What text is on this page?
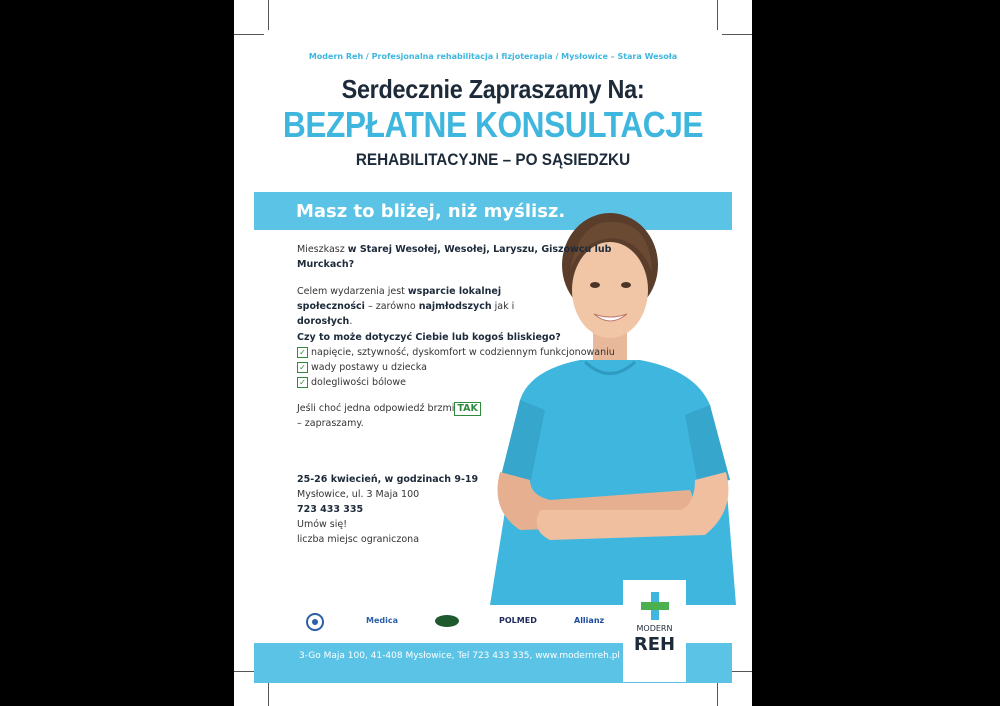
Modern Reh / Profesjonalna rehabilitacja i fizjoterapia / Mysłowice – Stara Wesoła
Serdecznie Zapraszamy Na:
BEZPŁATNE KONSULTACJE
REHABILITACYJNE – PO SĄSIEDZKU
Masz to bliżej, niż myślisz.
Mieszkasz w Starej Wesołej, Wesołej, Laryszu, Giszowcu lub Murckach?
Celem wydarzenia jest wsparcie lokalnej społeczności – zarówno najmłodszych jak i dorosłych.
Czy to może dotyczyć Ciebie lub kogoś bliskiego?
✓ napięcie, sztywność, dyskomfort w codziennym funkcjonowaniu
✓ wady postawy u dziecka
✓ dolegliwości bólowe
Jeśli choć jedna odpowiedź brzmi TAK
– zapraszamy.
25-26 kwiecień, w godzinach 9-19
Mysłowice, ul. 3 Maja 100
723 433 335
Umów się!
liczba miejsc ograniczona
Medica	POLMED	Allianz
3-Go Maja 100, 41-408 Mysłowice, Tel 723 433 335, www.modernreh.pl
MODERN
REH
